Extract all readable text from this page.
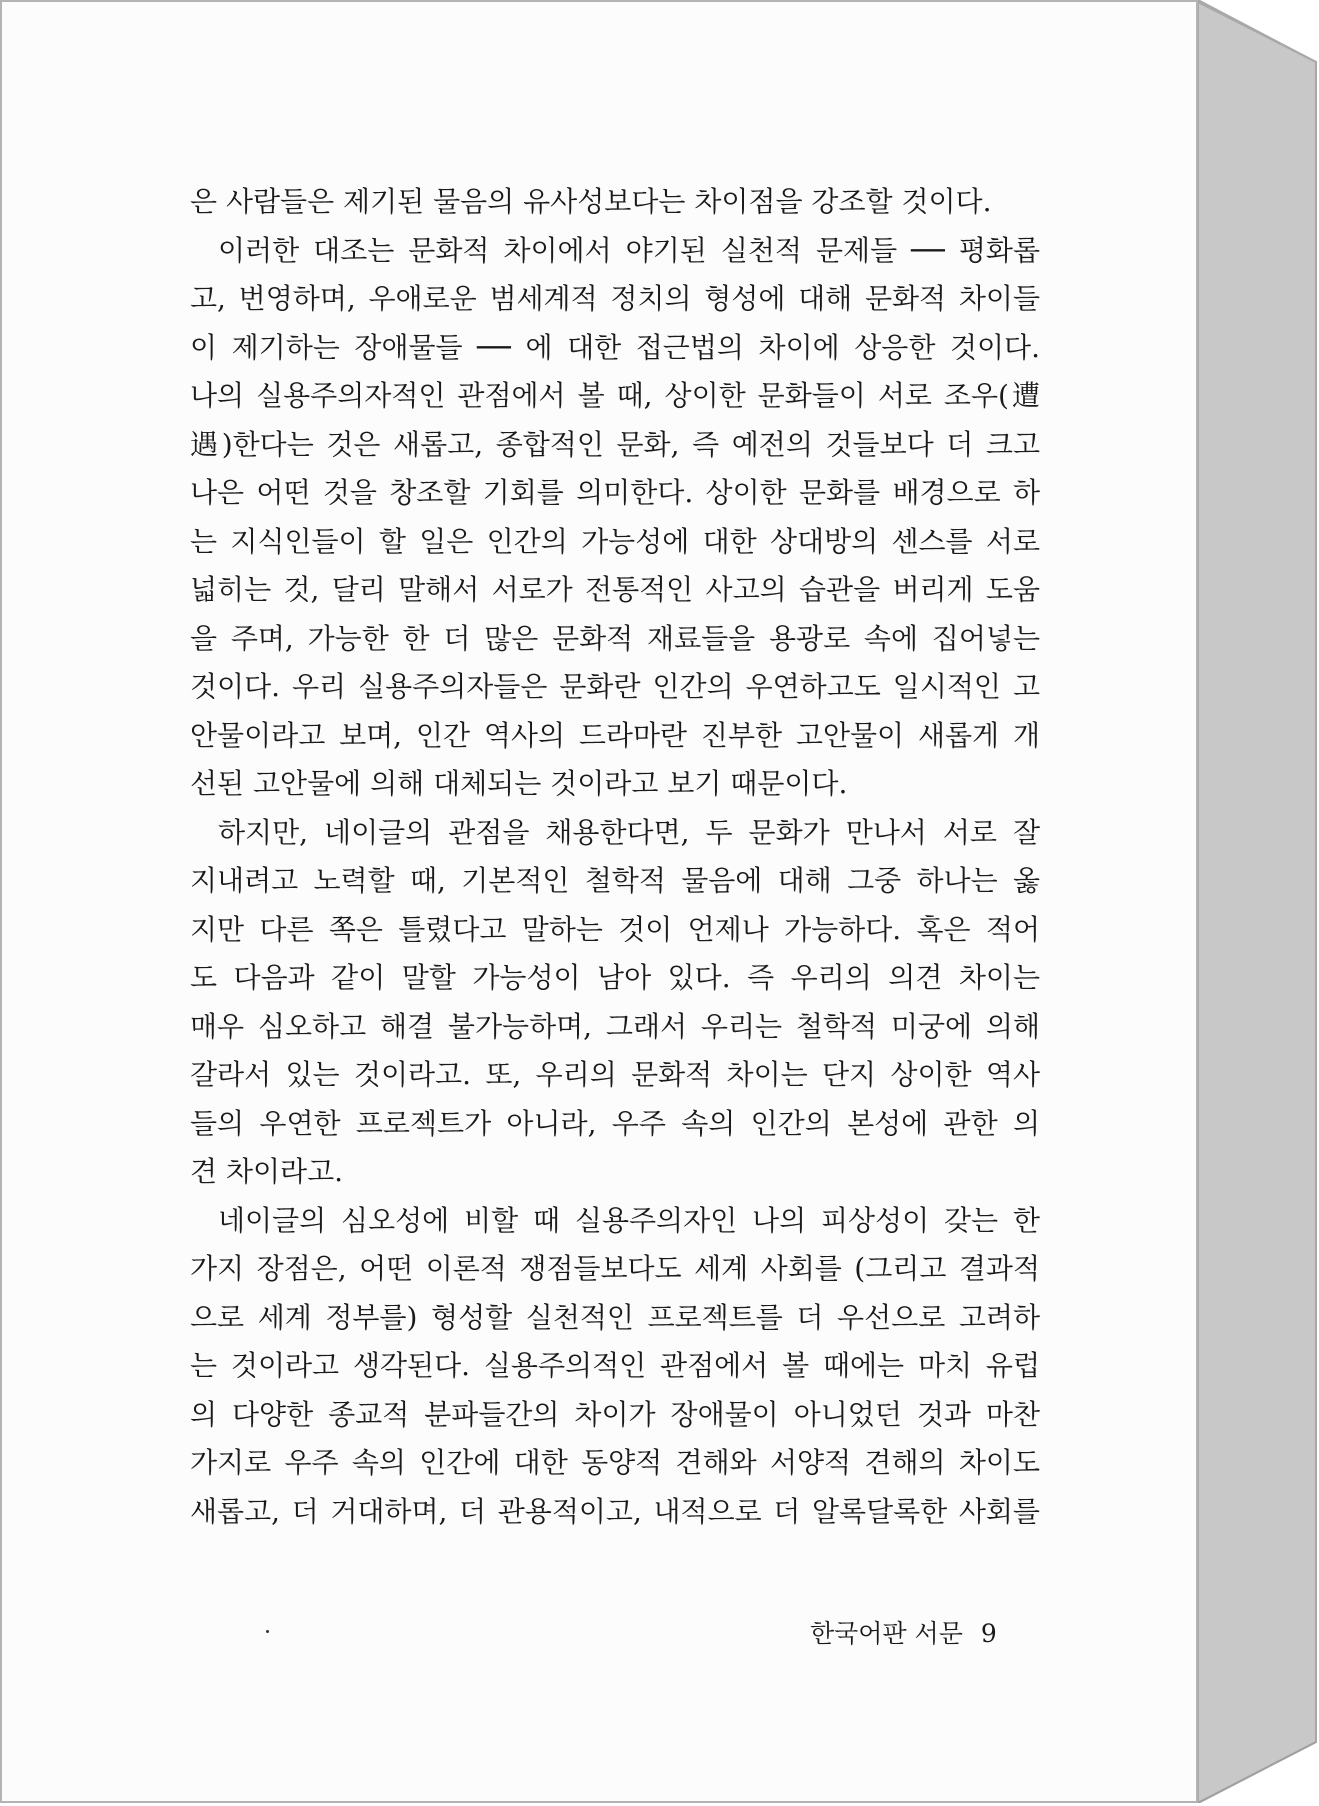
은 사람들은 제기된 물음의 유사성보다는 차이점을 강조할 것이다.
이러한 대조는 문화적 차이에서 야기된 실천적 문제들 ── 평화롭
고, 번영하며, 우애로운 범세계적 정치의 형성에 대해 문화적 차이들
이 제기하는 장애물들 ── 에 대한 접근법의 차이에 상응한 것이다.
나의 실용주의자적인 관점에서 볼 때, 상이한 문화들이 서로 조우(遭
遇)한다는 것은 새롭고, 종합적인 문화, 즉 예전의 것들보다 더 크고
나은 어떤 것을 창조할 기회를 의미한다. 상이한 문화를 배경으로 하
는 지식인들이 할 일은 인간의 가능성에 대한 상대방의 센스를 서로
넓히는 것, 달리 말해서 서로가 전통적인 사고의 습관을 버리게 도움
을 주며, 가능한 한 더 많은 문화적 재료들을 용광로 속에 집어넣는
것이다. 우리 실용주의자들은 문화란 인간의 우연하고도 일시적인 고
안물이라고 보며, 인간 역사의 드라마란 진부한 고안물이 새롭게 개
선된 고안물에 의해 대체되는 것이라고 보기 때문이다.
하지만, 네이글의 관점을 채용한다면, 두 문화가 만나서 서로 잘
지내려고 노력할 때, 기본적인 철학적 물음에 대해 그중 하나는 옳
지만 다른 쪽은 틀렸다고 말하는 것이 언제나 가능하다. 혹은 적어
도 다음과 같이 말할 가능성이 남아 있다. 즉 우리의 의견 차이는
매우 심오하고 해결 불가능하며, 그래서 우리는 철학적 미궁에 의해
갈라서 있는 것이라고. 또, 우리의 문화적 차이는 단지 상이한 역사
들의 우연한 프로젝트가 아니라, 우주 속의 인간의 본성에 관한 의
견 차이라고.
네이글의 심오성에 비할 때 실용주의자인 나의 피상성이 갖는 한
가지 장점은, 어떤 이론적 쟁점들보다도 세계 사회를 (그리고 결과적
으로 세계 정부를) 형성할 실천적인 프로젝트를 더 우선으로 고려하
는 것이라고 생각된다. 실용주의적인 관점에서 볼 때에는 마치 유럽
의 다양한 종교적 분파들간의 차이가 장애물이 아니었던 것과 마찬
가지로 우주 속의 인간에 대한 동양적 견해와 서양적 견해의 차이도
새롭고, 더 거대하며, 더 관용적이고, 내적으로 더 알록달록한 사회를
한국어판 서문 9
